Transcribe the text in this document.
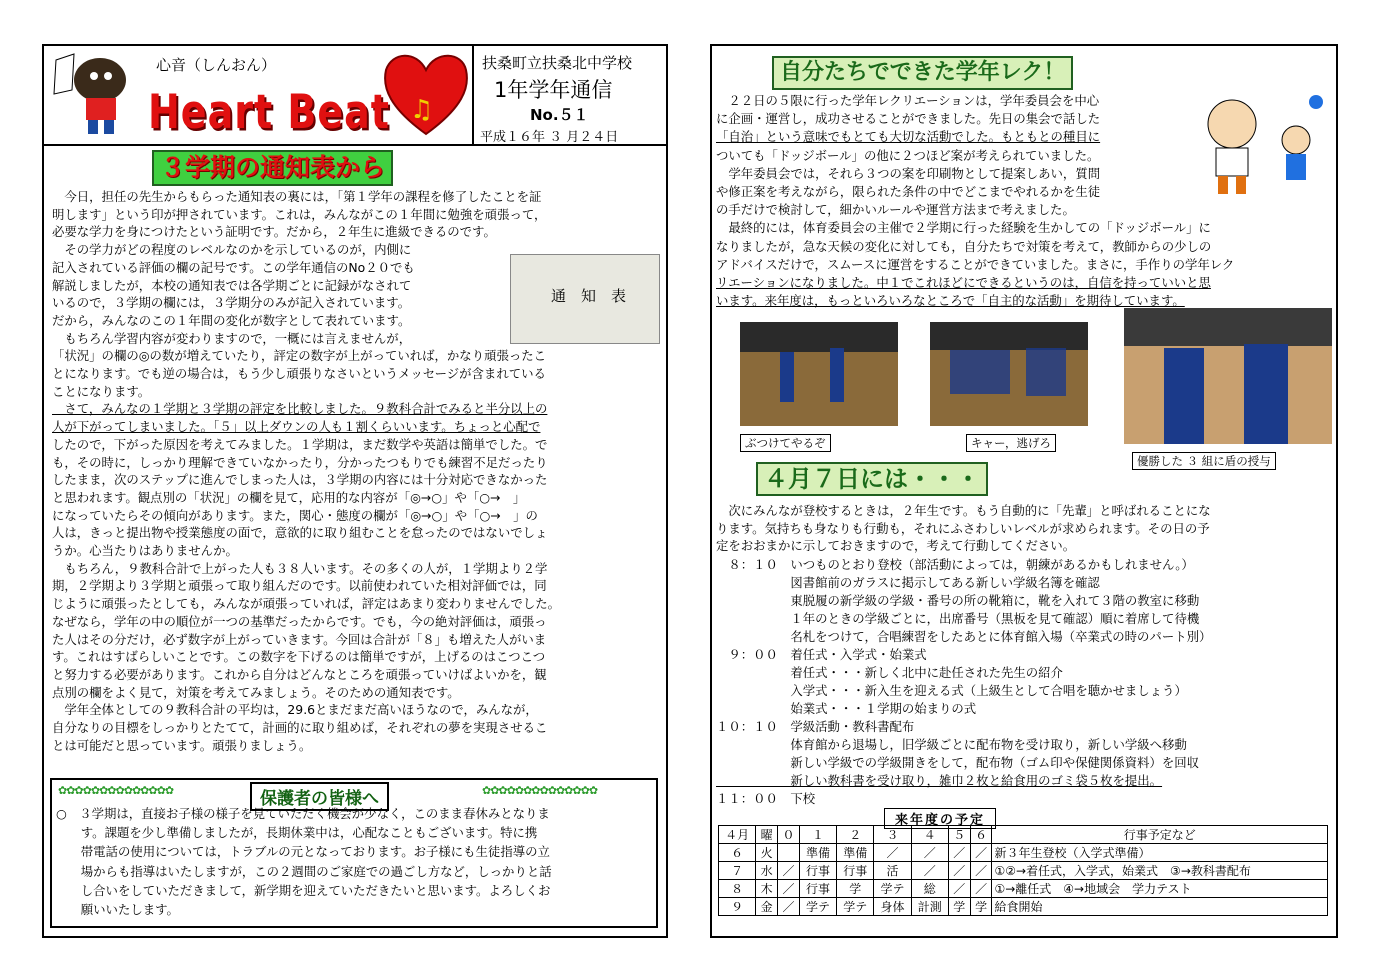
心音（しんおん）
Heart Beat ♫
扶桑町立扶桑北中学校
1年学年通信
No.５１
平成１６年 ３ 月２４日
３学期の通知表から
通　知　表
　今日，担任の先生からもらった通知表の裏には，「第１学年の課程を修了したことを証
明します」という印が押されています。これは，みんながこの１年間に勉強を頑張って，
必要な学力を身につけたという証明です。だから，２年生に進級できるのです。
　その学力がどの程度のレベルなのかを示しているのが，内側に
記入されている評価の欄の記号です。この学年通信のNo２０でも
解説しましたが，本校の通知表では各学期ごとに記録がなされて
いるので，３学期の欄には，３学期分のみが記入されています。
だから，みんなのこの１年間の変化が数字として表れています。
　もちろん学習内容が変わりますので，一概には言えませんが，
「状況」の欄の◎の数が増えていたり，評定の数字が上がっていれば，かなり頑張ったこ
とになります。でも逆の場合は，もう少し頑張りなさいというメッセージが含まれている
ことになります。
　さて，みんなの１学期と３学期の評定を比較しました。９教科合計でみると半分以上の
人が下がってしまいました。「５」以上ダウンの人も１割くらいいます。ちょっと心配で
したので，下がった原因を考えてみました。１学期は，まだ数学や英語は簡単でした。で
も，その時に，しっかり理解できていなかったり，分かったつもりでも練習不足だったり
したまま，次のステップに進んでしまった人は，３学期の内容には十分対応できなかった
と思われます。観点別の「状況」の欄を見て，応用的な内容が「◎→○」や「○→　」
になっていたらその傾向があります。また，関心・態度の欄が「◎→○」や「○→　」の
人は，きっと提出物や授業態度の面で，意欲的に取り組むことを怠ったのではないでしょ
うか。心当たりはありませんか。
　もちろん，９教科合計で上がった人も３８人います。その多くの人が，１学期より２学
期，２学期より３学期と頑張って取り組んだのです。以前使われていた相対評価では，同
じように頑張ったとしても，みんなが頑張っていれば，評定はあまり変わりませんでした。
なぜなら，学年の中の順位が一つの基準だったからです。でも，今の絶対評価は，頑張っ
た人はその分だけ，必ず数字が上がっていきます。今回は合計が「８」も増えた人がいま
す。これはすばらしいことです。この数字を下げるのは簡単ですが，上げるのはこつこつ
と努力する必要があります。これから自分はどんなところを頑張っていけばよいかを，観
点別の欄をよく見て，対策を考えてみましょう。そのための通知表です。
　学年全体としての９教科合計の平均は，29.6とまだまだ高いほうなので，みんなが，
自分なりの目標をしっかりとたてて，計画的に取り組めば，それぞれの夢を実現させるこ
とは可能だと思っています。頑張りましょう。
✿✿✿✿✿✿✿✿✿✿✿✿✿✿	✿✿✿✿✿✿✿✿✿✿✿✿✿✿
保護者の皆様へ
○　３学期は，直接お子様の様子を見ていただく機会が少なく，このまま春休みとなりま
　　す。課題を少し準備しましたが，長期休業中は，心配なこともございます。特に携
　　帯電話の使用については，トラブルの元となっております。お子様にも生徒指導の立
　　場からも指導はいたしますが，この２週間のご家庭での過ごし方など，しっかりと話
　　し合いをしていただきまして，新学期を迎えていただきたいと思います。よろしくお
　　願いいたします。
自分たちでできた学年レク！
　２２日の５限に行った学年レクリエーションは，学年委員会を中心
に企画・運営し，成功させることができました。先日の集会で話した
「自治」という意味でもとても大切な活動でした。もともとの種目に
ついても「ドッジボール」の他に２つほど案が考えられていました。
　学年委員会では，それら３つの案を印刷物として提案しあい，質問
や修正案を考えながら，限られた条件の中でどこまでやれるかを生徒
の手だけで検討して，細かいルールや運営方法まで考えました。
　最終的には，体育委員会の主催で２学期に行った経験を生かしての「ドッジボール」に
なりましたが，急な天候の変化に対しても，自分たちで対策を考えて，教師からの少しの
アドバイスだけで，スムースに運営をすることができていました。まさに，手作りの学年レク
リエーションになりました。中１でこれほどにできるというのは，自信を持っていいと思
います。来年度は，もっといろいろなところで「自主的な活動」を期待しています。
ぶつけてやるぞ	キャー，逃げろ
優勝した ３ 組に盾の授与
４月７日には・・・
　次にみんなが登校するときは，２年生です。もう自動的に「先輩」と呼ばれることにな
ります。気持ちも身なりも行動も，それにふさわしいレベルが求められます。その日の予
定をおおまかに示しておきますので，考えて行動してください。
　８：１０　いつものとおり登校（部活動によっては，朝練があるかもしれません。）
　　　　　　図書館前のガラスに掲示してある新しい学級名簿を確認
　　　　　　東脱履の新学級の学級・番号の所の靴箱に，靴を入れて３階の教室に移動
　　　　　　１年のときの学級ごとに，出席番号（黒板を見て確認）順に着席して待機
　　　　　　名札をつけて，合唱練習をしたあとに体育館入場（卒業式の時のパート別）
　９：００　着任式・入学式・始業式
　　　　　　着任式・・・新しく北中に赴任された先生の紹介
　　　　　　入学式・・・新入生を迎える式（上級生として合唱を聴かせましょう）
　　　　　　始業式・・・１学期の始まりの式
１０：１０　学級活動・教科書配布
　　　　　　体育館から退場し，旧学級ごとに配布物を受け取り，新しい学級へ移動
　　　　　　新しい学級での学級開きをして，配布物（ゴム印や保健関係資料）を回収
　　　　　　新しい教科書を受け取り，雑巾２枚と給食用のゴミ袋５枚を提出。
１１：００　下校
来年度の予定
４月	曜	０	１	２	３	４	５	６	行事予定など
６	火		準備	準備	／	／	／	／	新３年生登校（入学式準備）
７	水	／	行事	行事	活	／	／	／	①②→着任式，入学式，始業式　③→教科書配布
８	木	／	行事	学	学テ	総	／	／	①→離任式　④→地域会　学力テスト
９	金	／	学テ	学テ	身体	計測	学	学	給食開始
